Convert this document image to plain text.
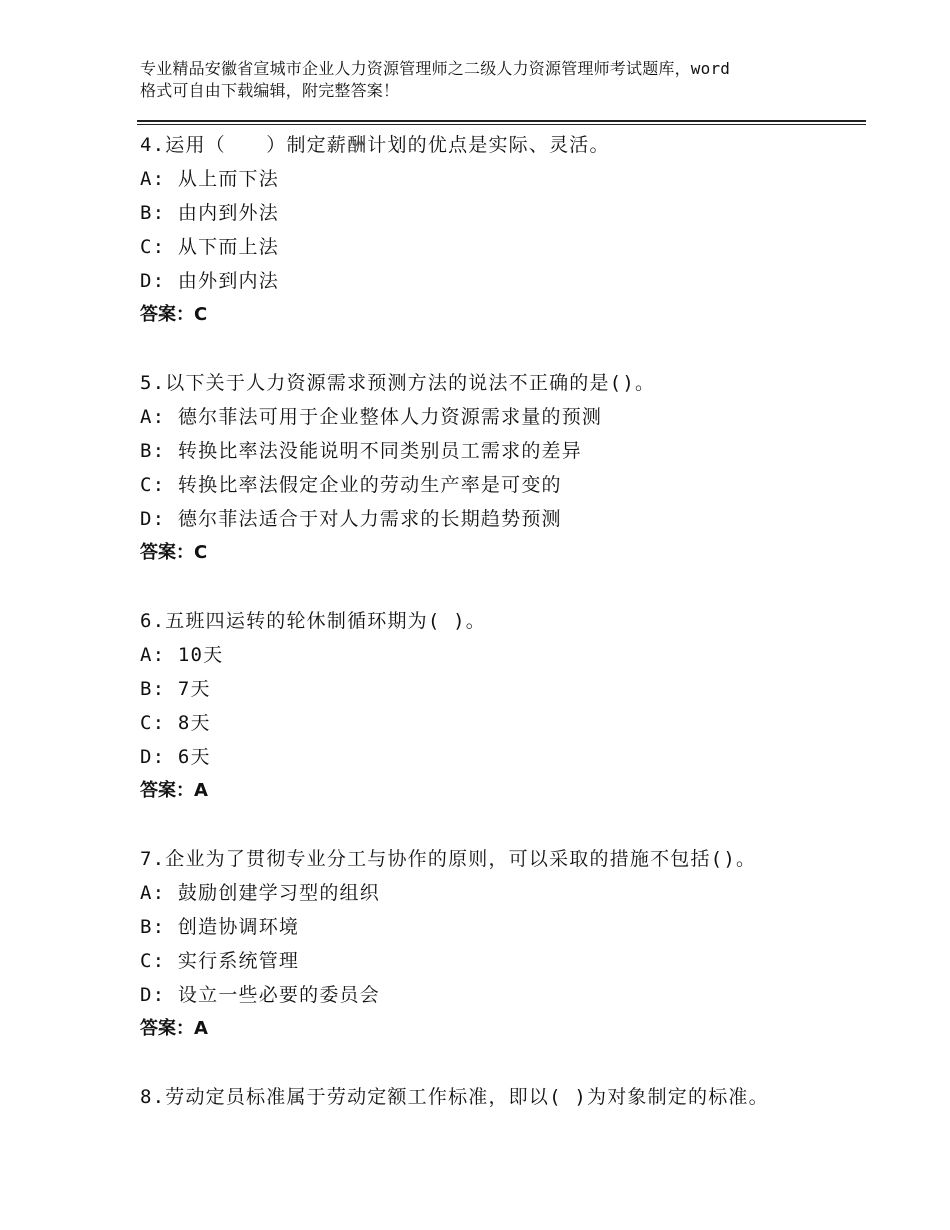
专业精品安徽省宣城市企业人力资源管理师之二级人力资源管理师考试题库，word
格式可自由下载编辑，附完整答案！
4.运用（　　）制定薪酬计划的优点是实际、灵活。
A: 从上而下法
B: 由内到外法
C: 从下而上法
D: 由外到内法
答案：C
5.以下关于人力资源需求预测方法的说法不正确的是()。
A: 德尔菲法可用于企业整体人力资源需求量的预测
B: 转换比率法没能说明不同类别员工需求的差异
C: 转换比率法假定企业的劳动生产率是可变的
D: 德尔菲法适合于对人力需求的长期趋势预测
答案：C
6.五班四运转的轮休制循环期为( )。
A: 10天
B: 7天
C: 8天
D: 6天
答案：A
7.企业为了贯彻专业分工与协作的原则，可以采取的措施不包括()。
A: 鼓励创建学习型的组织
B: 创造协调环境
C: 实行系统管理
D: 设立一些必要的委员会
答案：A
8.劳动定员标准属于劳动定额工作标准，即以( )为对象制定的标准。
